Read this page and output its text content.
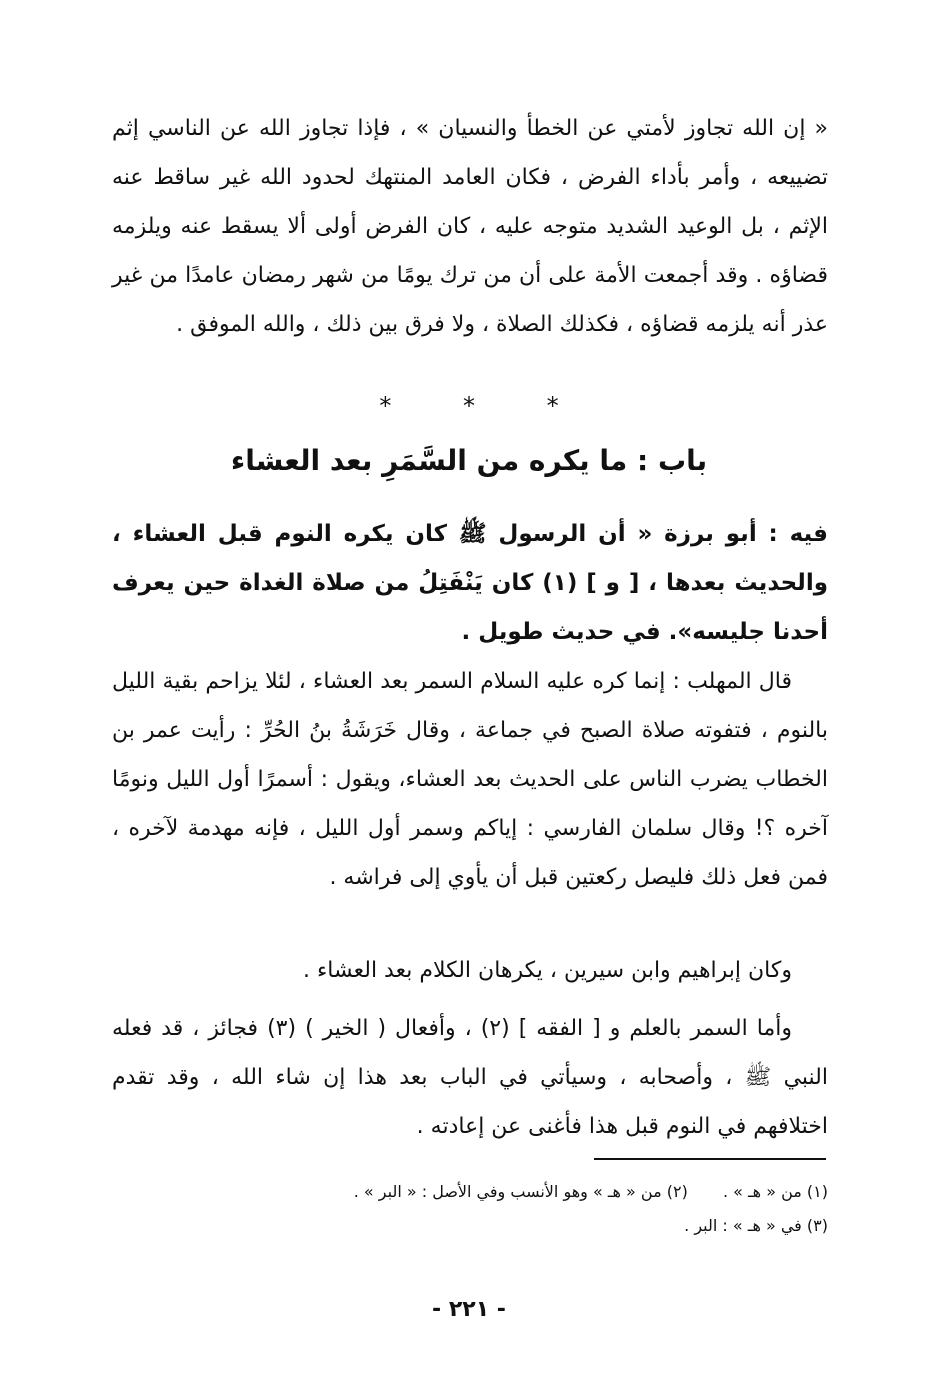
« إن الله تجاوز لأمتي عن الخطأ والنسيان » ، فإذا تجاوز الله عن الناسي إثم تضييعه ، وأمر بأداء الفرض ، فكان العامد المنتهك لحدود الله غير ساقط عنه الإثم ، بل الوعيد الشديد متوجه عليه ، كان الفرض أولى ألا يسقط عنه ويلزمه قضاؤه . وقد أجمعت الأمة على أن من ترك يومًا من شهر رمضان عامدًا من غير عذر أنه يلزمه قضاؤه ، فكذلك الصلاة ، ولا فرق بين ذلك ، والله الموفق .

*	*	*
باب : ما يكره من السَّمَرِ بعد العشاء

فيه : أبو برزة « أن الرسول ﷺ كان يكره النوم قبل العشاء ، والحديث بعدها ، [ و ] (١) كان يَنْفَتِلُ من صلاة الغداة حين يعرف أحدنا جليسه». في حديث طويل .

قال المهلب : إنما كره عليه السلام السمر بعد العشاء ، لئلا يزاحم بقية الليل بالنوم ، فتفوته صلاة الصبح في جماعة ، وقال خَرَشَةُ بنُ الحُرِّ : رأيت عمر بن الخطاب يضرب الناس على الحديث بعد العشاء، ويقول : أسمرًا أول الليل ونومًا آخره ؟! وقال سلمان الفارسي : إياكم وسمر أول الليل ، فإنه مهدمة لآخره ، فمن فعل ذلك فليصل ركعتين قبل أن يأوي إلى فراشه .

وكان إبراهيم وابن سيرين ، يكرهان الكلام بعد العشاء .

وأما السمر بالعلم و [ الفقه ] (٢) ، وأفعال ( الخير ) (٣) فجائز ، قد فعله النبي ﷺ ، وأصحابه ، وسيأتي في الباب بعد هذا إن شاء الله ، وقد تقدم اختلافهم في النوم قبل هذا فأغنى عن إعادته .

(١) من « هـ » . (٢) من « هـ » وهو الأنسب وفي الأصل : « البر » .
(٣) في « هـ » : البر .
- ٢٢١ -
